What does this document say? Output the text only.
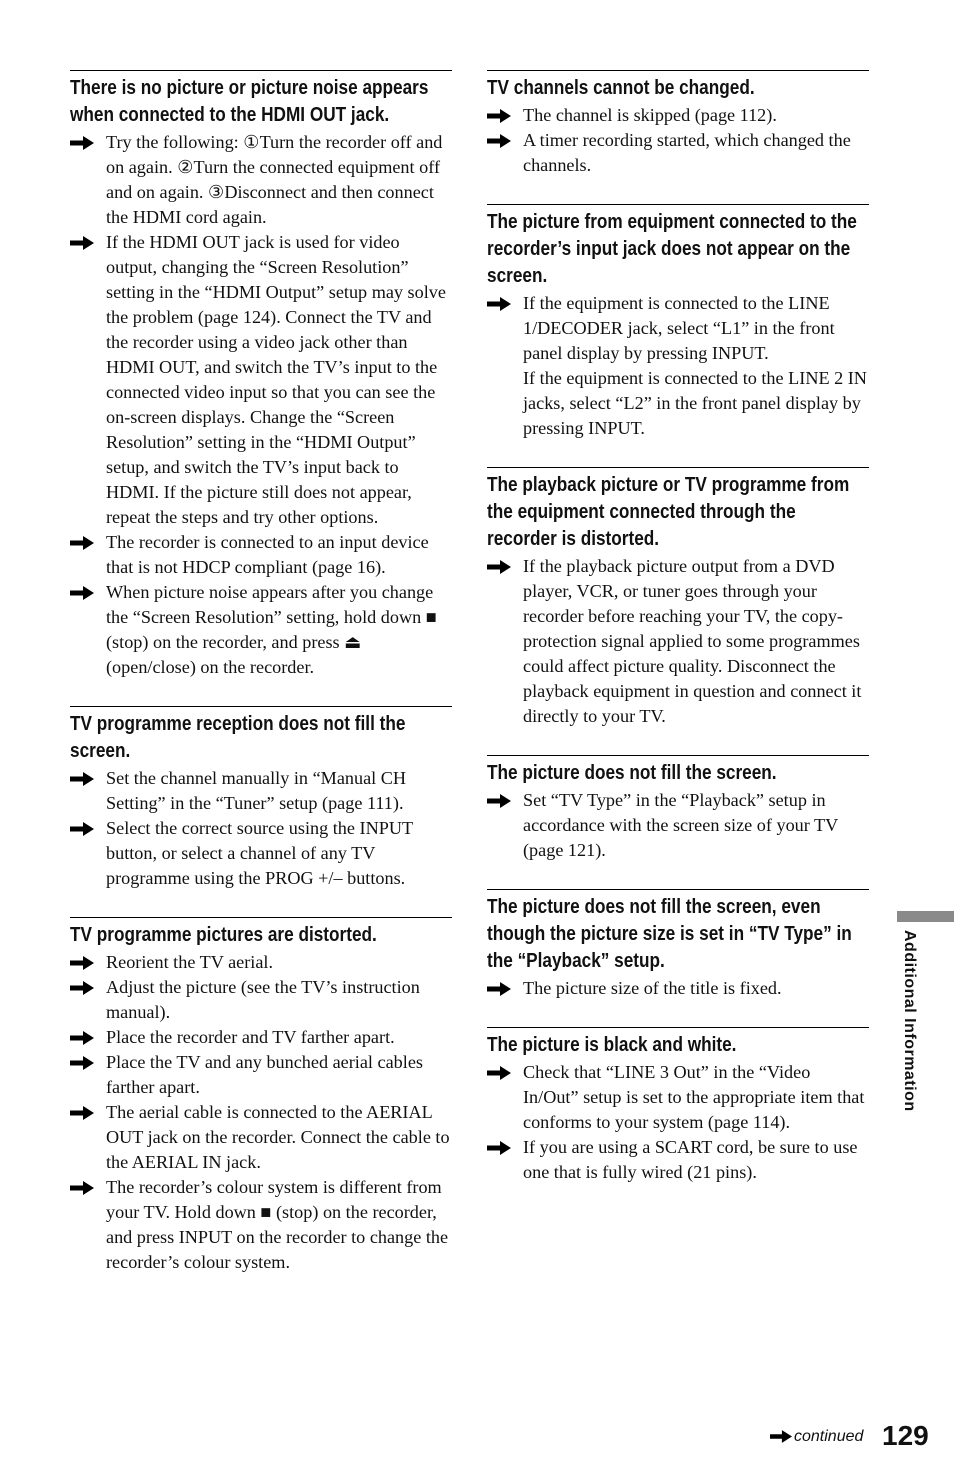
There is no picture or picture noise appears when connected to the HDMI OUT jack.
Try the following: ①Turn the recorder off and on again. ②Turn the connected equipment off and on again. ③Disconnect and then connect the HDMI cord again.
If the HDMI OUT jack is used for video output, changing the “Screen Resolution” setting in the “HDMI Output” setup may solve the problem (page 124). Connect the TV and the recorder using a video jack other than HDMI OUT, and switch the TV’s input to the connected video input so that you can see the on-screen displays. Change the “Screen Resolution” setting in the “HDMI Output” setup, and switch the TV’s input back to HDMI. If the picture still does not appear, repeat the steps and try other options.
The recorder is connected to an input device that is not HDCP compliant (page 16).
When picture noise appears after you change the “Screen Resolution” setting, hold down ■ (stop) on the recorder, and press ⏏ (open/close) on the recorder.
TV programme reception does not fill the screen.
Set the channel manually in “Manual CH Setting” in the “Tuner” setup (page 111).
Select the correct source using the INPUT button, or select a channel of any TV programme using the PROG +/– buttons.
TV programme pictures are distorted.
Reorient the TV aerial.
Adjust the picture (see the TV’s instruction manual).
Place the recorder and TV farther apart.
Place the TV and any bunched aerial cables farther apart.
The aerial cable is connected to the AERIAL OUT jack on the recorder. Connect the cable to the AERIAL IN jack.
The recorder’s colour system is different from your TV. Hold down ■ (stop) on the recorder, and press INPUT on the recorder to change the recorder’s colour system.
TV channels cannot be changed.
The channel is skipped (page 112).
A timer recording started, which changed the channels.
The picture from equipment connected to the recorder’s input jack does not appear on the screen.
If the equipment is connected to the LINE 1/DECODER jack, select “L1” in the front panel display by pressing INPUT.
If the equipment is connected to the LINE 2 IN jacks, select “L2” in the front panel display by pressing INPUT.
The playback picture or TV programme from the equipment connected through the recorder is distorted.
If the playback picture output from a DVD player, VCR, or tuner goes through your recorder before reaching your TV, the copy-protection signal applied to some programmes could affect picture quality. Disconnect the playback equipment in question and connect it directly to your TV.
The picture does not fill the screen.
Set “TV Type” in the “Playback” setup in accordance with the screen size of your TV (page 121).
The picture does not fill the screen, even though the picture size is set in “TV Type” in the “Playback” setup.
The picture size of the title is fixed.
The picture is black and white.
Check that “LINE 3 Out” in the “Video In/Out” setup is set to the appropriate item that conforms to your system (page 114).
If you are using a SCART cord, be sure to use one that is fully wired (21 pins).
Additional Information
continued 129
